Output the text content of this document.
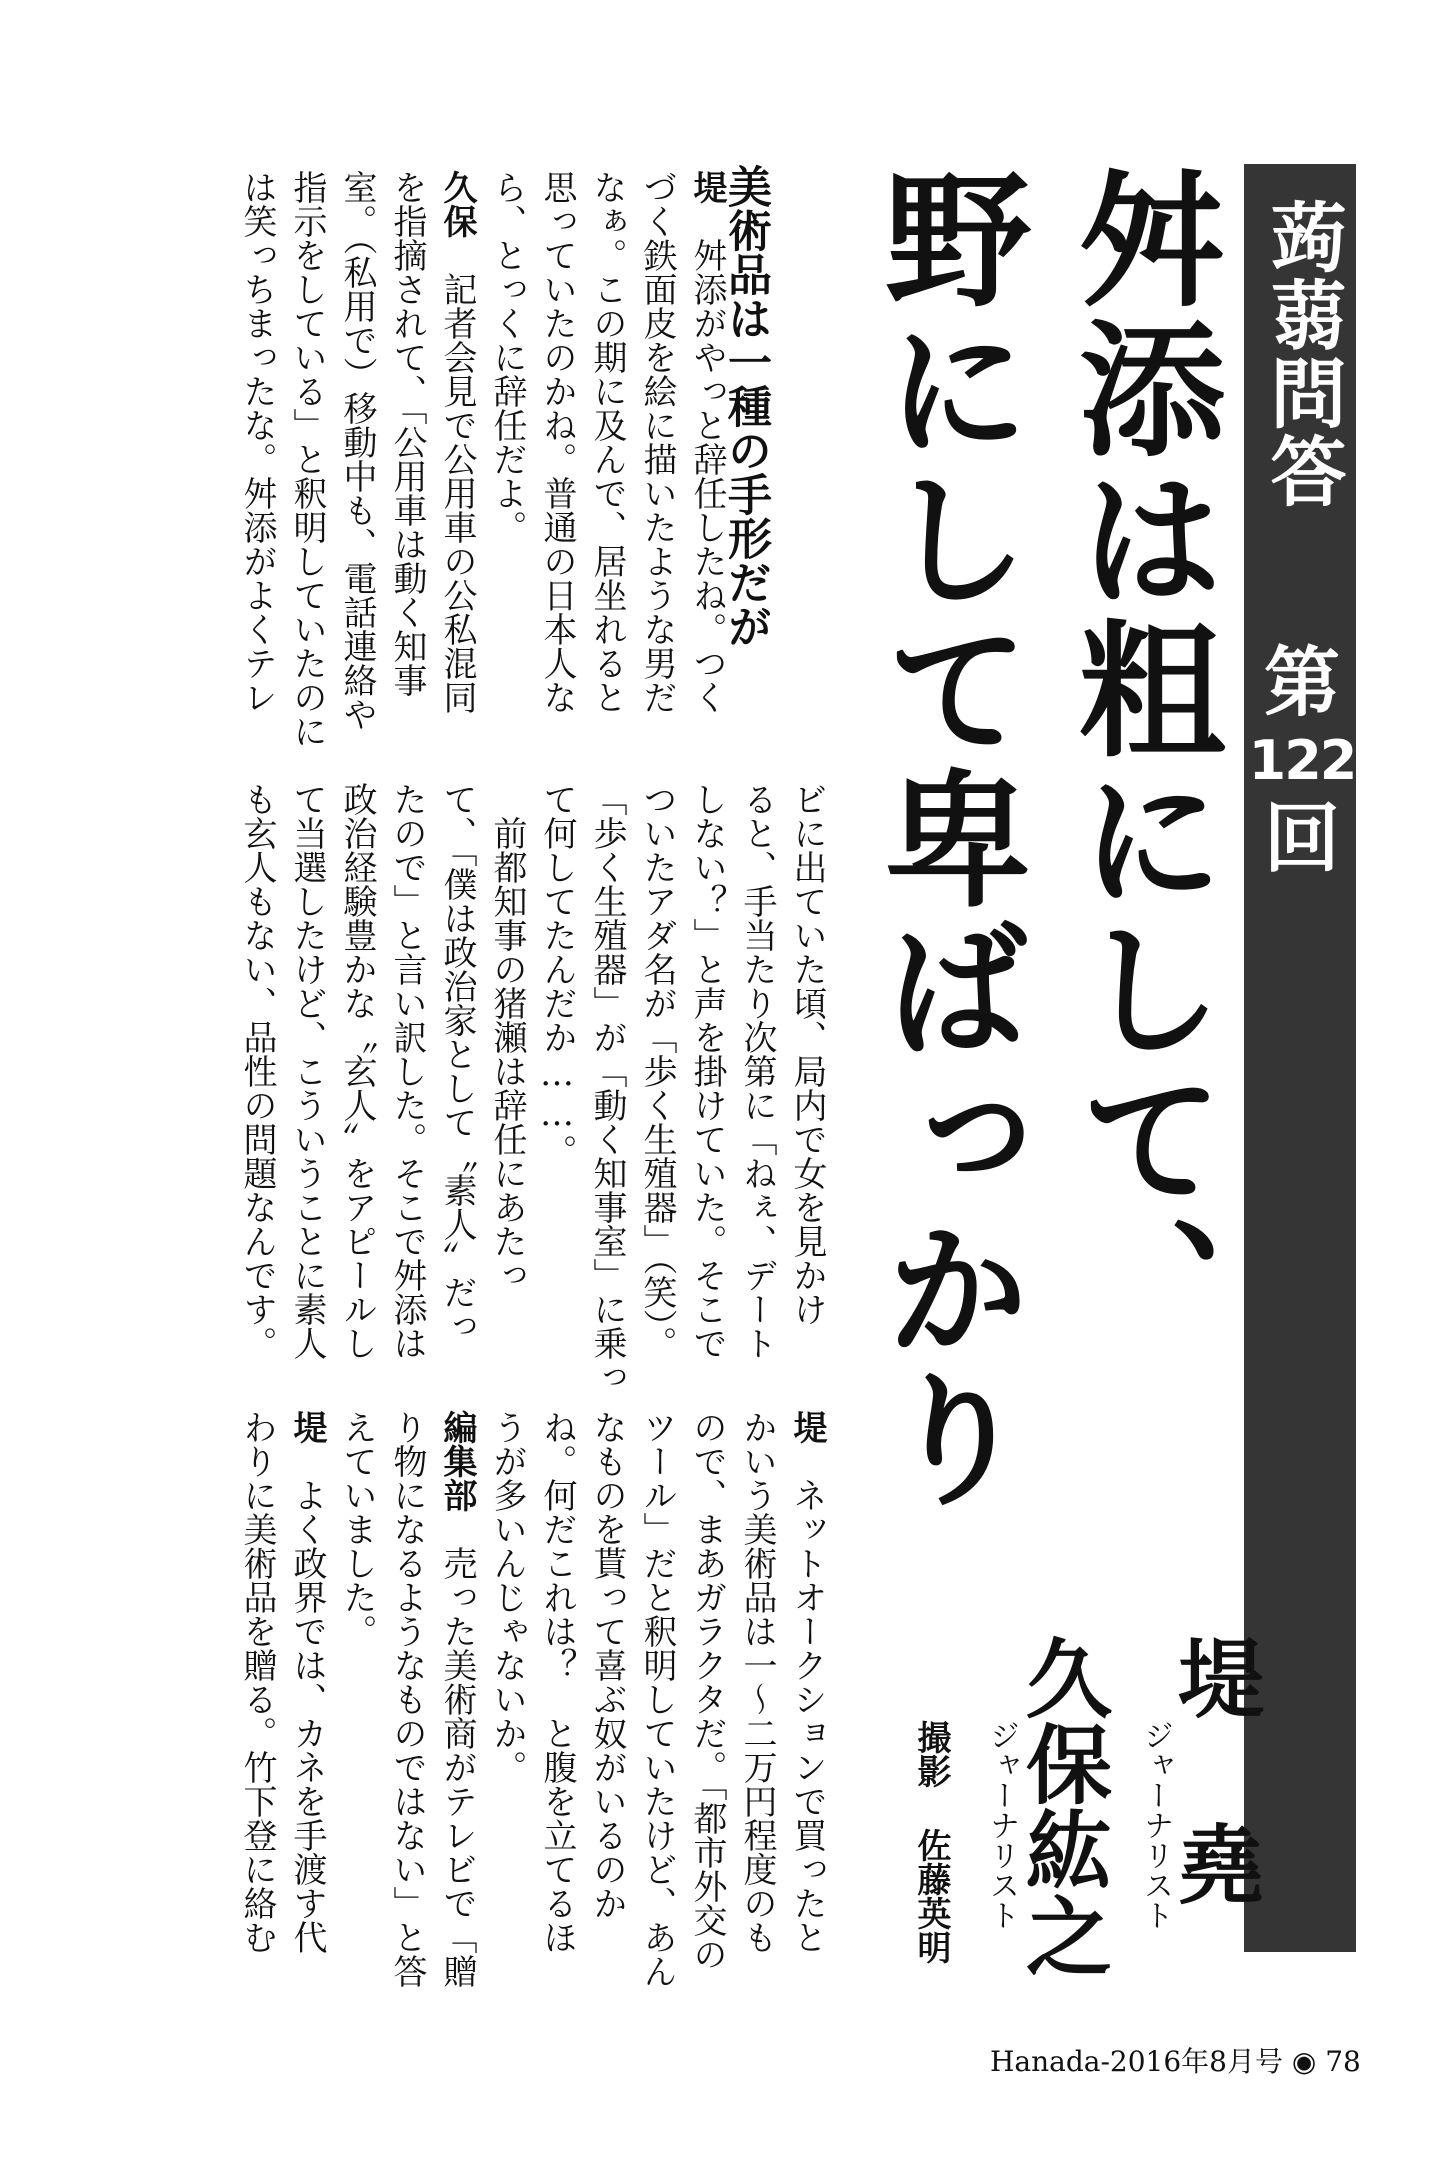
蒟蒻問答
第
122
回
舛添は粗にして、
野にして卑ばっかり
堤 堯
ジャーナリスト
久保紘之
ジャーナリスト
撮影 佐藤英明
美術品は一種の手形だが
堤　舛添がやっと辞任したね。つく
づく鉄面皮を絵に描いたような男だ
なぁ。この期に及んで、居坐れると
思っていたのかね。普通の日本人な
ら、とっくに辞任だよ。
久保　記者会見で公用車の公私混同
を指摘されて、「公用車は動く知事
室。（私用で）移動中も、電話連絡や
指示をしている」と釈明していたのに
は笑っちまったな。舛添がよくテレ
ビに出ていた頃、局内で女を見かけ
ると、手当たり次第に「ねぇ、デート
しない？」と声を掛けていた。そこで
ついたアダ名が「歩く生殖器」（笑）。
「歩く生殖器」が「動く知事室」に乗っ
て何してたんだか……。
　前都知事の猪瀬は辞任にあたっ
て、「僕は政治家として〝素人〟だっ
たので」と言い訳した。そこで舛添は
政治経験豊かな〝玄人〟をアピールし
て当選したけど、こういうことに素人
も玄人もない、品性の問題なんです。
堤　ネットオークションで買ったと
かいう美術品は一～二万円程度のも
ので、まあガラクタだ。「都市外交の
ツール」だと釈明していたけど、あん
なものを貰って喜ぶ奴がいるのか
ね。何だこれは？　と腹を立てるほ
うが多いんじゃないか。
編集部　売った美術商がテレビで「贈
り物になるようなものではない」と答
えていました。
堤　よく政界では、カネを手渡す代
わりに美術品を贈る。竹下登に絡む
Hanada-2016年8月号 ◉ 78
